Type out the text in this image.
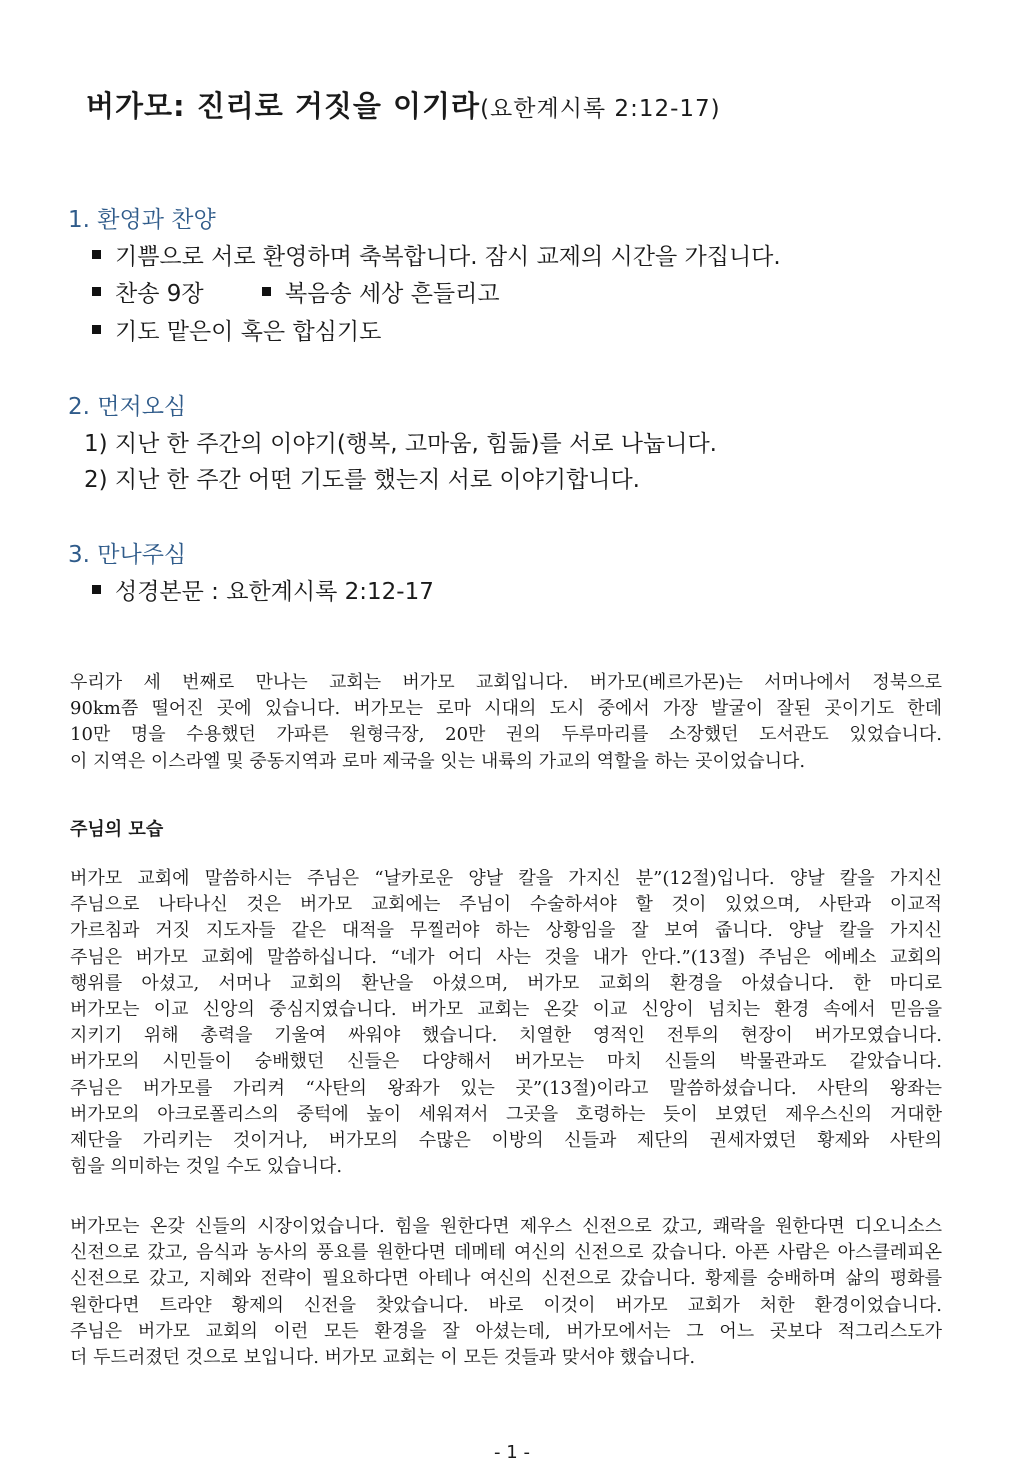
버가모: 진리로 거짓을 이기라(요한계시록 2:12-17)
1. 환영과 찬양
기쁨으로 서로 환영하며 축복합니다. 잠시 교제의 시간을 가집니다.
찬송 9장	복음송 세상 흔들리고
기도 맡은이 혹은 합심기도
2. 먼저오심
1) 지난 한 주간의 이야기(행복, 고마움, 힘듦)를 서로 나눕니다.
2) 지난 한 주간 어떤 기도를 했는지 서로 이야기합니다.
3. 만나주심
성경본문 : 요한계시록 2:12-17
우리가 세 번째로 만나는 교회는 버가모 교회입니다. 버가모(베르가몬)는 서머나에서 정북으로
90km쯤 떨어진 곳에 있습니다. 버가모는 로마 시대의 도시 중에서 가장 발굴이 잘된 곳이기도 한데
10만 명을 수용했던 가파른 원형극장, 20만 권의 두루마리를 소장했던 도서관도 있었습니다.
이 지역은 이스라엘 및 중동지역과 로마 제국을 잇는 내륙의 가교의 역할을 하는 곳이었습니다.
주님의 모습
버가모 교회에 말씀하시는 주님은 “날카로운 양날 칼을 가지신 분”(12절)입니다. 양날 칼을 가지신
주님으로 나타나신 것은 버가모 교회에는 주님이 수술하셔야 할 것이 있었으며, 사탄과 이교적
가르침과 거짓 지도자들 같은 대적을 무찔러야 하는 상황임을 잘 보여 줍니다. 양날 칼을 가지신
주님은 버가모 교회에 말씀하십니다. “네가 어디 사는 것을 내가 안다.”(13절) 주님은 에베소 교회의
행위를 아셨고, 서머나 교회의 환난을 아셨으며, 버가모 교회의 환경을 아셨습니다. 한 마디로
버가모는 이교 신앙의 중심지였습니다. 버가모 교회는 온갖 이교 신앙이 넘치는 환경 속에서 믿음을
지키기 위해 총력을 기울여 싸워야 했습니다. 치열한 영적인 전투의 현장이 버가모였습니다.
버가모의 시민들이 숭배했던 신들은 다양해서 버가모는 마치 신들의 박물관과도 같았습니다.
주님은 버가모를 가리켜 “사탄의 왕좌가 있는 곳”(13절)이라고 말씀하셨습니다. 사탄의 왕좌는
버가모의 아크로폴리스의 중턱에 높이 세워져서 그곳을 호령하는 듯이 보였던 제우스신의 거대한
제단을 가리키는 것이거나, 버가모의 수많은 이방의 신들과 제단의 권세자였던 황제와 사탄의
힘을 의미하는 것일 수도 있습니다.
버가모는 온갖 신들의 시장이었습니다. 힘을 원한다면 제우스 신전으로 갔고, 쾌락을 원한다면 디오니소스
신전으로 갔고, 음식과 농사의 풍요를 원한다면 데메테 여신의 신전으로 갔습니다. 아픈 사람은 아스클레피온
신전으로 갔고, 지혜와 전략이 필요하다면 아테나 여신의 신전으로 갔습니다. 황제를 숭배하며 삶의 평화를
원한다면 트라얀 황제의 신전을 찾았습니다. 바로 이것이 버가모 교회가 처한 환경이었습니다.
주님은 버가모 교회의 이런 모든 환경을 잘 아셨는데, 버가모에서는 그 어느 곳보다 적그리스도가
더 두드러졌던 것으로 보입니다. 버가모 교회는 이 모든 것들과 맞서야 했습니다.
- 1 -
